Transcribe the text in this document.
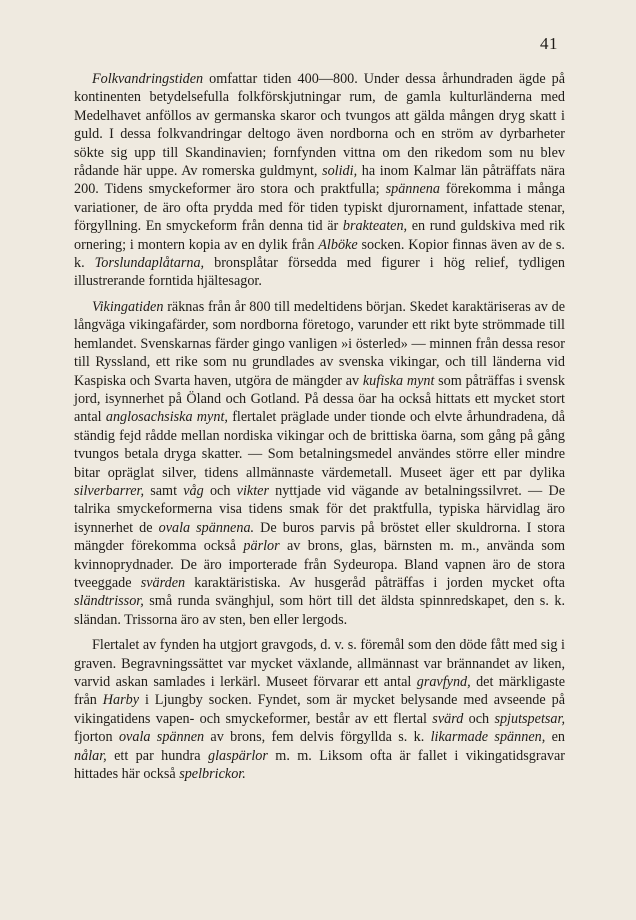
41

Folkvandringstiden omfattar tiden 400—800. Under dessa århundraden ägde på kontinenten betydelsefulla folkförskjutningar rum, de gamla kulturländerna med Medelhavet anföllos av germanska skaror och tvungos att gälda mången dryg skatt i guld. I dessa folkvandringar deltogo även nordborna och en ström av dyrbarheter sökte sig upp till Skandinavien; fornfynden vittna om den rikedom som nu blev rådande här uppe. Av romerska guldmynt, solidi, ha inom Kalmar län påträffats nära 200. Tidens smyckeformer äro stora och praktfulla; spännena förekomma i många variationer, de äro ofta prydda med för tiden typiskt djurornament, infattade stenar, förgyllning. En smyckeform från denna tid är brakteaten, en rund guldskiva med rik ornering; i montern kopia av en dylik från Alböke socken. Kopior finnas även av de s. k. Torslundaplåtarna, bronsplåtar försedda med figurer i hög relief, tydligen illustrerande forntida hjältesagor.

Vikingatiden räknas från år 800 till medeltidens början. Skedet karaktäriseras av de långväga vikingafärder, som nordborna företogo, varunder ett rikt byte strömmade till hemlandet. Svenskarnas färder gingo vanligen »i österled» — minnen från dessa resor till Ryssland, ett rike som nu grundlades av svenska vikingar, och till länderna vid Kaspiska och Svarta haven, utgöra de mängder av kufiska mynt som påträffas i svensk jord, isynnerhet på Öland och Gotland. På dessa öar ha också hittats ett mycket stort antal anglosachsiska mynt, flertalet präglade under tionde och elvte århundradena, då ständig fejd rådde mellan nordiska vikingar och de brittiska öarna, som gång på gång tvungos betala dryga skatter. — Som betalningsmedel användes större eller mindre bitar opräglat silver, tidens allmännaste värdemetall. Museet äger ett par dylika silverbarrer, samt våg och vikter nyttjade vid vägande av betalningssilvret. — De talrika smyckeformerna visa tidens smak för det praktfulla, typiska härvidlag äro isynnerhet de ovala spännena. De buros parvis på bröstet eller skuldrorna. I stora mängder förekomma också pärlor av brons, glas, bärnsten m. m., använda som kvinnoprydnader. De äro importerade från Sydeuropa. Bland vapnen äro de stora tveeggade svärden karaktäristiska. Av husgeråd påträffas i jorden mycket ofta sländtrissor, små runda svänghjul, som hört till det äldsta spinnredskapet, den s. k. sländan. Trissorna äro av sten, ben eller lergods.

Flertalet av fynden ha utgjort gravgods, d. v. s. föremål som den döde fått med sig i graven. Begravningssättet var mycket växlande, allmännast var brännandet av liken, varvid askan samlades i lerkärl. Museet förvarar ett antal gravfynd, det märkligaste från Harby i Ljungby socken. Fyndet, som är mycket belysande med avseende på vikingatidens vapen- och smyckeformer, består av ett flertal svärd och spjutspetsar, fjorton ovala spännen av brons, fem delvis förgyllda s. k. likarmade spännen, en nålar, ett par hundra glaspärlor m. m. Liksom ofta är fallet i vikingatidsgravar hittades här också spelbrickor.
